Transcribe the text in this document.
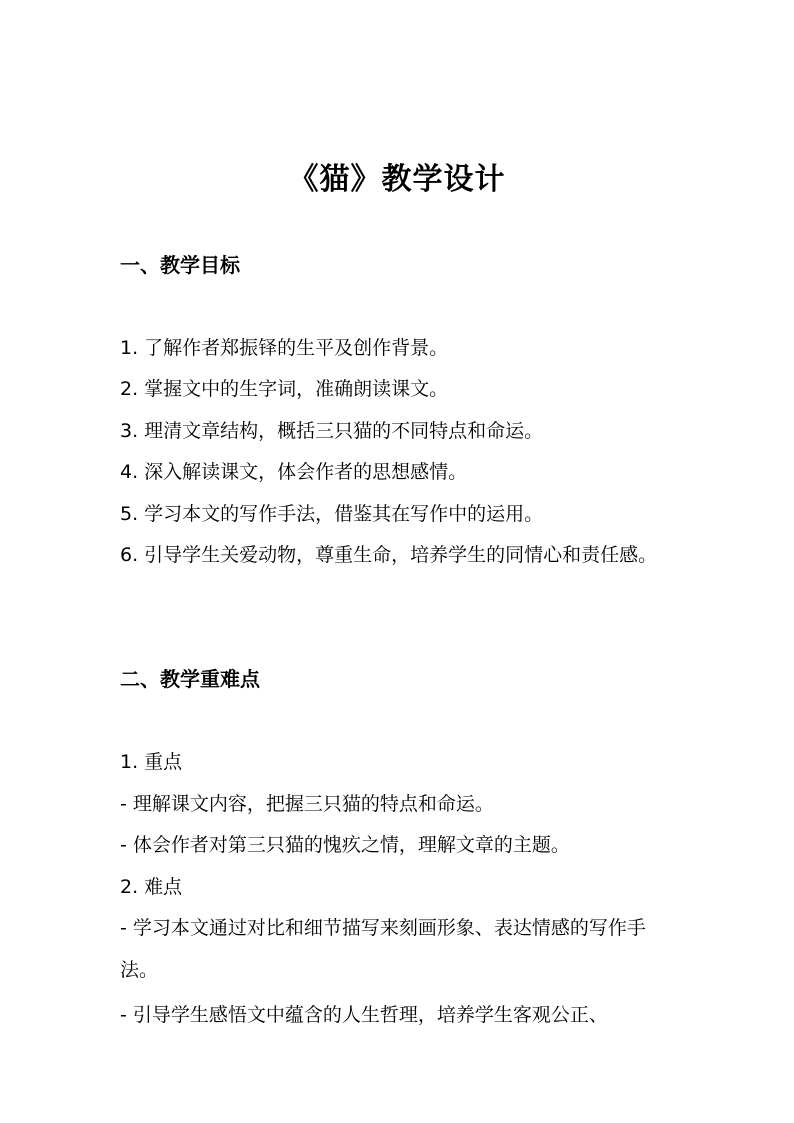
《猫》教学设计
一、教学目标
1. 了解作者郑振铎的生平及创作背景。
2. 掌握文中的生字词，准确朗读课文。
3. 理清文章结构，概括三只猫的不同特点和命运。
4. 深入解读课文，体会作者的思想感情。
5. 学习本文的写作手法，借鉴其在写作中的运用。
6. 引导学生关爱动物，尊重生命，培养学生的同情心和责任感。
二、教学重难点
1. 重点
- 理解课文内容，把握三只猫的特点和命运。
- 体会作者对第三只猫的愧疚之情，理解文章的主题。
2. 难点
- 学习本文通过对比和细节描写来刻画形象、表达情感的写作手法。
- 引导学生感悟文中蕴含的人生哲理，培养学生客观公正、
